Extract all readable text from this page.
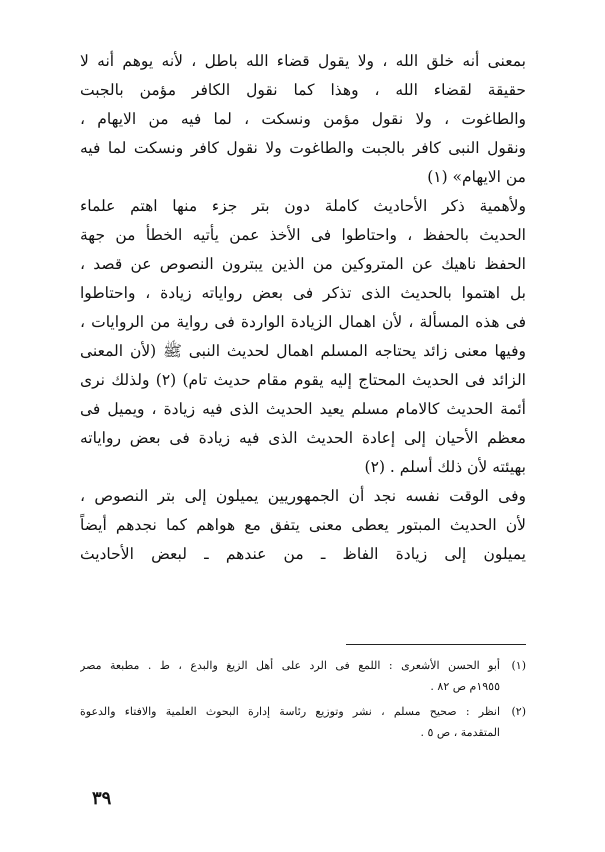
بمعنى أنه خلق الله ، ولا يقول قضاء الله باطل ، لأنه يوهم أنه لا
حقيقة لقضاء الله ، وهذا كما نقول الكافر مؤمن بالجبت
والطاغوت ، ولا نقول مؤمن ونسكت ، لما فيه من الايهام ،
ونقول النبى كافر بالجبت والطاغوت ولا نقول كافر ونسكت لما فيه
من الايهام» (١)
ولأهمية ذكر الأحاديث كاملة دون بتر جزء منها اهتم علماء
الحديث بالحفظ ، واحتاطوا فى الأخذ عمن يأتيه الخطأ من جهة
الحفظ ناهيك عن المتروكين من الذين يبترون النصوص عن قصد ،
بل اهتموا بالحديث الذى تذكر فى بعض رواياته زيادة ، واحتاطوا
فى هذه المسألة ، لأن اهمال الزيادة الواردة فى رواية من الروايات ،
وفيها معنى زائد يحتاجه المسلم اهمال لحديث النبى ﷺ (لأن المعنى
الزائد فى الحديث المحتاج إليه يقوم مقام حديث تام) (٢) ولذلك نرى
أئمة الحديث كالامام مسلم يعيد الحديث الذى فيه زيادة ، ويميل فى
معظم الأحيان إلى إعادة الحديث الذى فيه زيادة فى بعض رواياته
بهيئته لأن ذلك أسلم . (٢)
وفى الوقت نفسه نجد أن الجمهوريين يميلون إلى بتر النصوص ،
لأن الحديث المبتور يعطى معنى يتفق مع هواهم كما نجدهم أيضاً
يميلون إلى زيادة الفاظ ـ من عندهم ـ لبعض الأحاديث
(١)
أبو الحسن الأشعرى : اللمع فى الرد على أهل الزيغ والبدع ، ط . مطبعة مصر
١٩٥٥م ص ٨٢ .
(٢)
انظر : صحيح مسلم ، نشر وتوزيع رئاسة إدارة البحوث العلمية والافتاء والدعوة
المتقدمة ، ص ٥ .
٣٩
